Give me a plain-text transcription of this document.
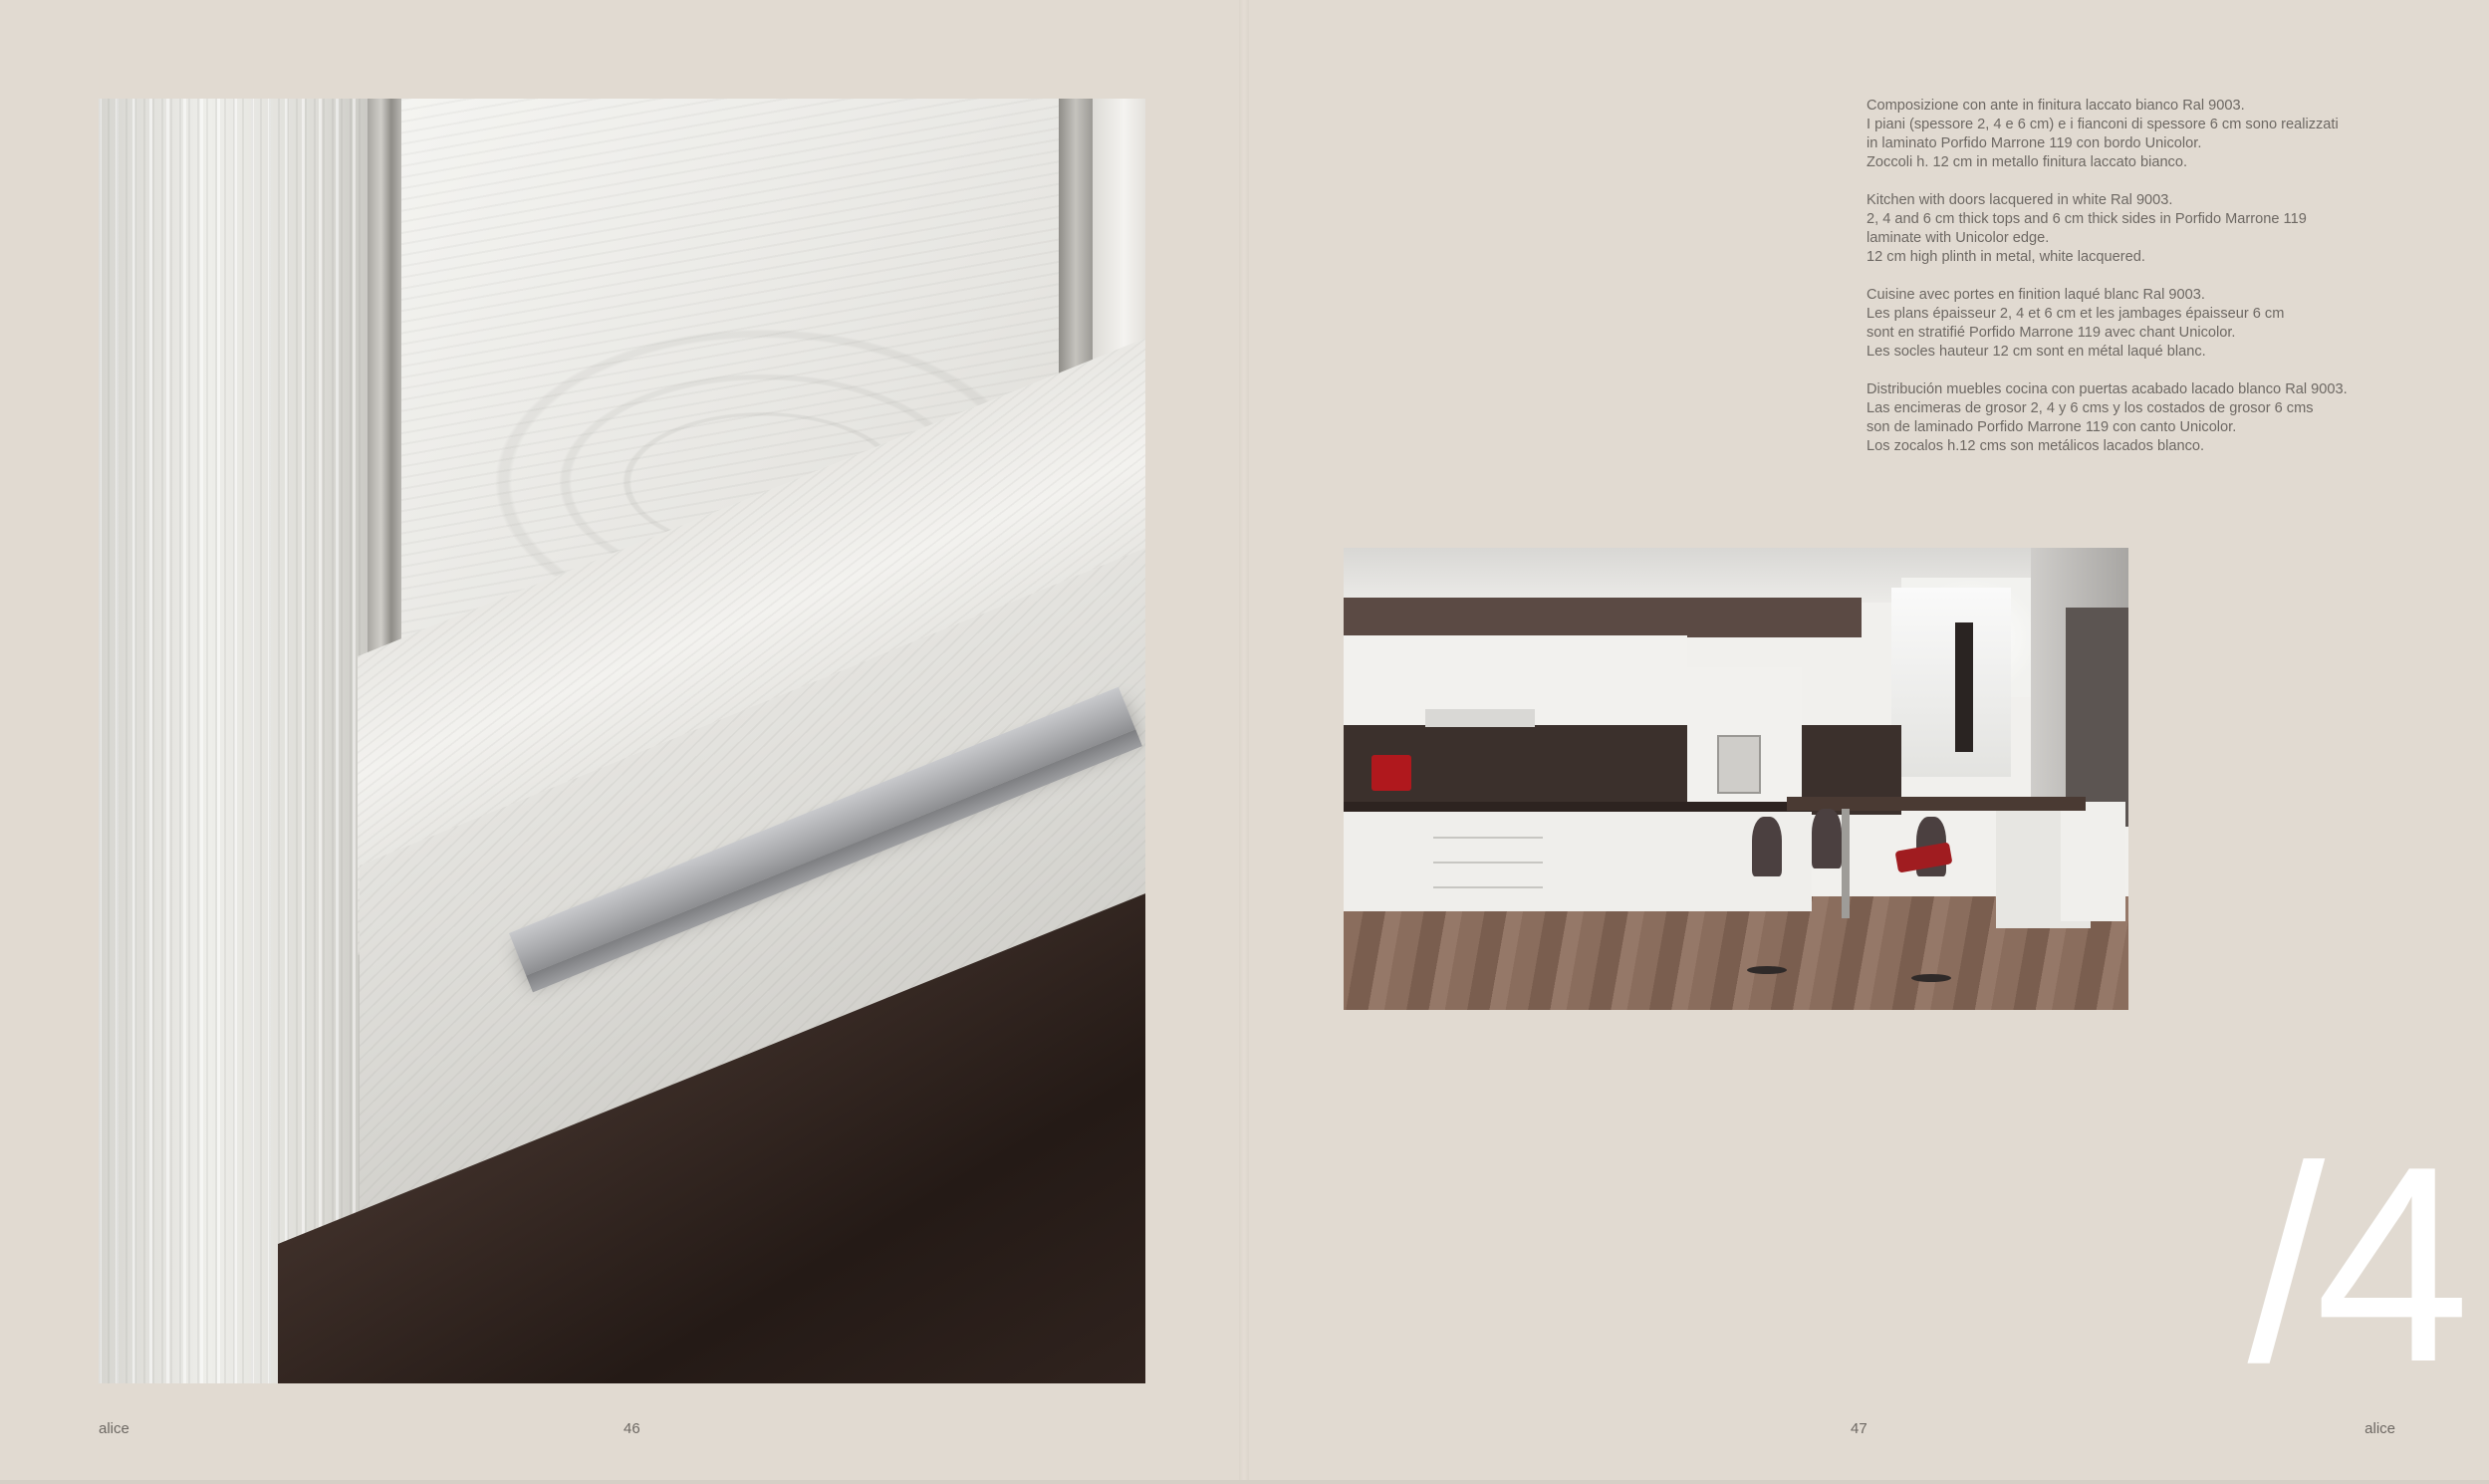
Composizione con ante in finitura laccato bianco Ral 9003.
I piani (spessore 2, 4 e 6 cm) e i fianconi di spessore 6 cm sono realizzati
in laminato Porfido Marrone 119 con bordo Unicolor.
Zoccoli h. 12 cm in metallo finitura laccato bianco.

Kitchen with doors lacquered in white Ral 9003.
2, 4 and 6 cm thick tops and 6 cm thick sides in Porfido Marrone 119
laminate with Unicolor edge.
12 cm high plinth in metal, white lacquered.

Cuisine avec portes en finition laqué blanc Ral 9003.
Les plans épaisseur 2, 4 et 6 cm et les jambages épaisseur 6 cm
sont en stratifié Porfido Marrone 119 avec chant Unicolor.
Les socles hauteur 12 cm sont en métal laqué blanc.

Distribución muebles cocina con puertas acabado lacado blanco Ral 9003.
Las encimeras de grosor 2, 4 y 6 cms y los costados de grosor 6 cms
son de laminado Porfido Marrone 119 con canto Unicolor.
Los zocalos h.12 cms son metálicos lacados blanco.

/4
alice	46	47	alice
